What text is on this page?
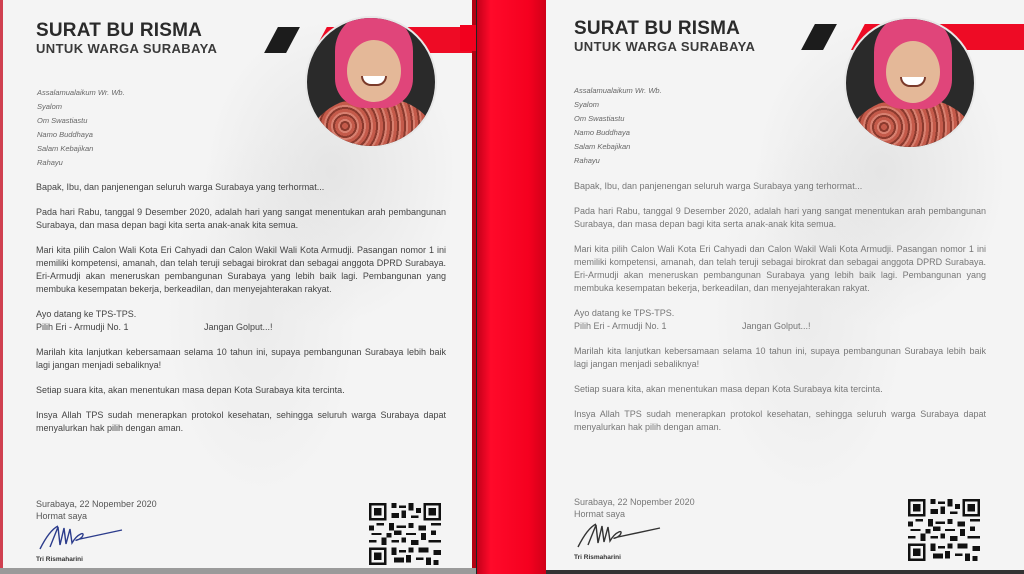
SURAT BU RISMA
UNTUK WARGA SURABAYA
Assalamualaikum Wr. Wb.
Syalom
Om Swastiastu
Namo Buddhaya
Salam Kebajikan
Rahayu

Bapak, Ibu, dan panjenengan seluruh warga Surabaya yang terhormat...

Pada hari Rabu, tanggal 9 Desember 2020, adalah hari yang sangat menentukan arah pembangunan Surabaya, dan masa depan bagi kita serta anak-anak kita semua.

Mari kita pilih Calon Wali Kota Eri Cahyadi dan Calon Wakil Wali Kota Armudji. Pasangan nomor 1 ini memiliki kompetensi, amanah, dan telah teruji sebagai birokrat dan sebagai anggota DPRD Surabaya. Eri-Armudji akan meneruskan pembangunan Surabaya yang lebih baik lagi. Pembangunan yang membuka kesempatan bekerja, berkeadilan, dan menyejahterakan rakyat.

Ayo datang ke TPS-TPS.
Pilih Eri - Armudji No. 1	Jangan Golput...!

Marilah kita lanjutkan kebersamaan selama 10 tahun ini, supaya pembangunan Surabaya lebih baik lagi jangan menjadi sebaliknya!

Setiap suara kita, akan menentukan masa depan Kota Surabaya kita tercinta.

Insya Allah TPS sudah menerapkan protokol kesehatan, sehingga seluruh warga Surabaya dapat menyalurkan hak pilih dengan aman.

Surabaya, 22 Nopember 2020
Hormat saya
Tri Rismaharini
SURAT BU RISMA
UNTUK WARGA SURABAYA
Assalamualaikum Wr. Wb.
Syalom
Om Swastiastu
Namo Buddhaya
Salam Kebajikan
Rahayu

Bapak, Ibu, dan panjenengan seluruh warga Surabaya yang terhormat...

Pada hari Rabu, tanggal 9 Desember 2020, adalah hari yang sangat menentukan arah pembangunan Surabaya, dan masa depan bagi kita serta anak-anak kita semua.

Mari kita pilih Calon Wali Kota Eri Cahyadi dan Calon Wakil Wali Kota Armudji. Pasangan nomor 1 ini memiliki kompetensi, amanah, dan telah teruji sebagai birokrat dan sebagai anggota DPRD Surabaya. Eri-Armudji akan meneruskan pembangunan Surabaya yang lebih baik lagi. Pembangunan yang membuka kesempatan bekerja, berkeadilan, dan menyejahterakan rakyat.

Ayo datang ke TPS-TPS.
Pilih Eri - Armudji No. 1	Jangan Golput...!

Marilah kita lanjutkan kebersamaan selama 10 tahun ini, supaya pembangunan Surabaya lebih baik lagi jangan menjadi sebaliknya!

Setiap suara kita, akan menentukan masa depan Kota Surabaya kita tercinta.

Insya Allah TPS sudah menerapkan protokol kesehatan, sehingga seluruh warga Surabaya dapat menyalurkan hak pilih dengan aman.

Surabaya, 22 Nopember 2020
Hormat saya
Tri Rismaharini
